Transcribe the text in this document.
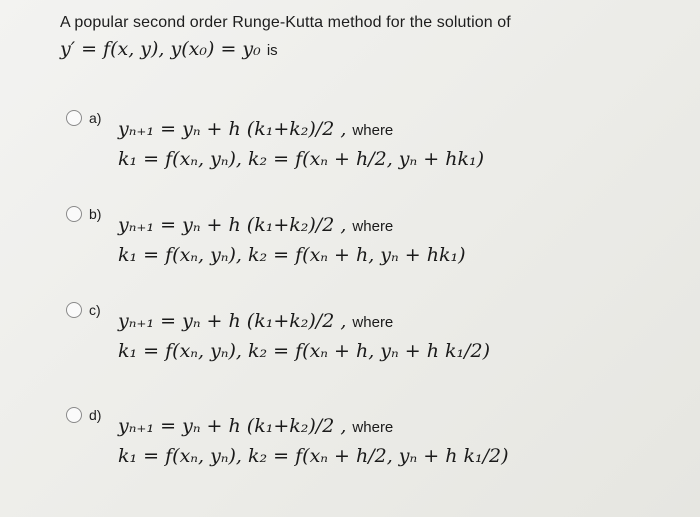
A popular second order Runge-Kutta method for the solution of
y′ = f(x, y), y(x₀) = y₀ is
a) yₙ₊₁ = yₙ + h (k₁+k₂)/2 , where
k₁ = f(xₙ, yₙ), k₂ = f(xₙ + h/2, yₙ + hk₁)
b) yₙ₊₁ = yₙ + h (k₁+k₂)/2 , where
k₁ = f(xₙ, yₙ), k₂ = f(xₙ + h, yₙ + hk₁)
c) yₙ₊₁ = yₙ + h (k₁+k₂)/2 , where
k₁ = f(xₙ, yₙ), k₂ = f(xₙ + h, yₙ + h k₁/2)
d) yₙ₊₁ = yₙ + h (k₁+k₂)/2 , where
k₁ = f(xₙ, yₙ), k₂ = f(xₙ + h/2, yₙ + h k₁/2)
